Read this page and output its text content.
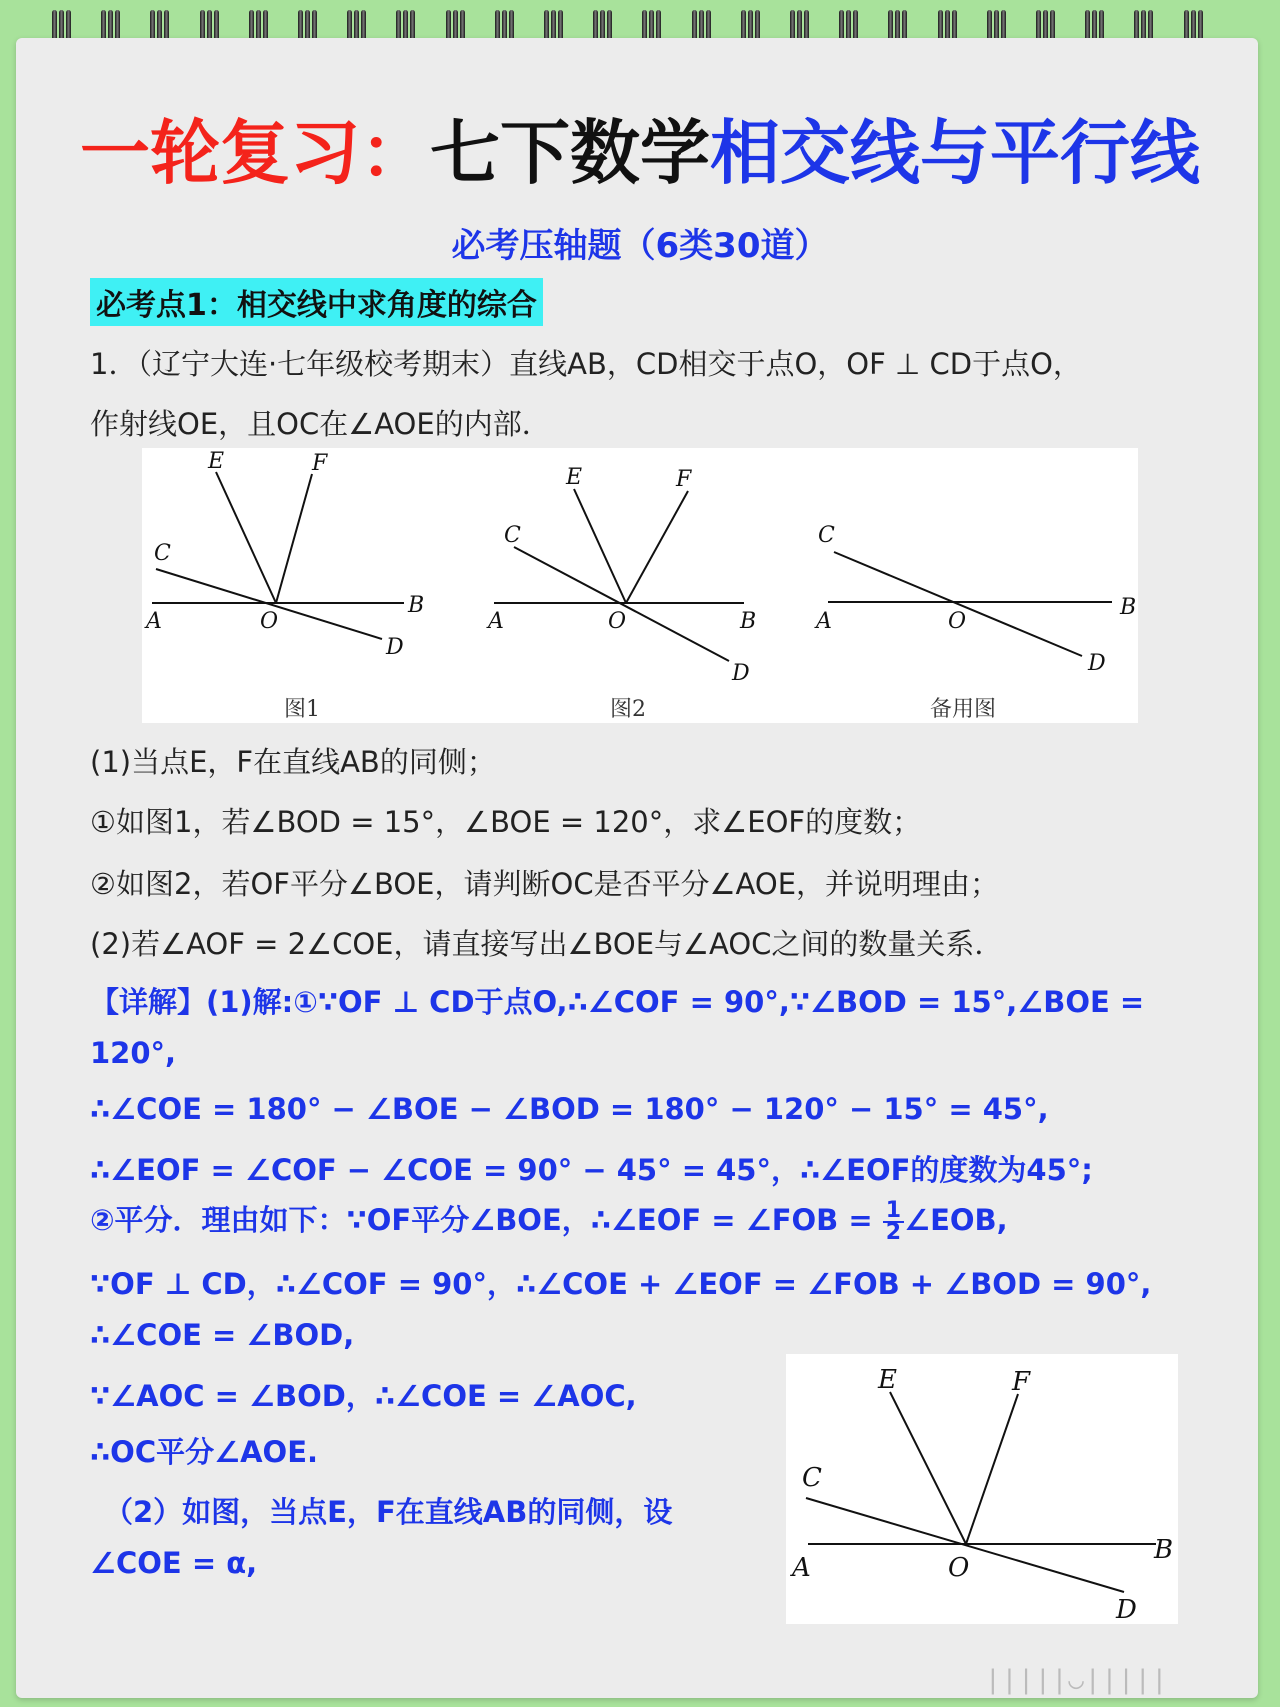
一轮复习：七下数学相交线与平行线
必考压轴题（6类30道）
必考点1：相交线中求角度的综合
1．（辽宁大连·七年级校考期末）直线AB，CD相交于点O，OF ⊥ CD于点O，
作射线OE，且OC在∠AOE的内部．
E	F
C
A	O
B
D
E	F
C
A	O	B
D
C
A	O
B
D
图1	图2	备用图
(1)当点E，F在直线AB的同侧；
①如图1，若∠BOD = 15°，∠BOE = 120°，求∠EOF的度数；
②如图2，若OF平分∠BOE，请判断OC是否平分∠AOE，并说明理由；
(2)若∠AOF = 2∠COE，请直接写出∠BOE与∠AOC之间的数量关系．
【详解】(1)解:①∵OF ⊥ CD于点O,∴∠COF = 90°,∵∠BOD = 15°,∠BOE =
120°,
∴∠COE = 180° − ∠BOE − ∠BOD = 180° − 120° − 15° = 45°,
∴∠EOF = ∠COF − ∠COE = 90° − 45° = 45°，∴∠EOF的度数为45°;
②平分．理由如下：∵OF平分∠BOE，∴∠EOF = ∠FOB = $\frac{1}{2}$ ∠EOB,
∵OF ⊥ CD，∴∠COF = 90°，∴∠COE + ∠EOF = ∠FOB + ∠BOD = 90°,
∴∠COE = ∠BOD,
∵∠AOC = ∠BOD，∴∠COE = ∠AOC,
∴OC平分∠AOE.
（2）如图，当点E，F在直线AB的同侧，设
∠COE = α,
E	F
C
A	O
B
D
|||||◡|||||
